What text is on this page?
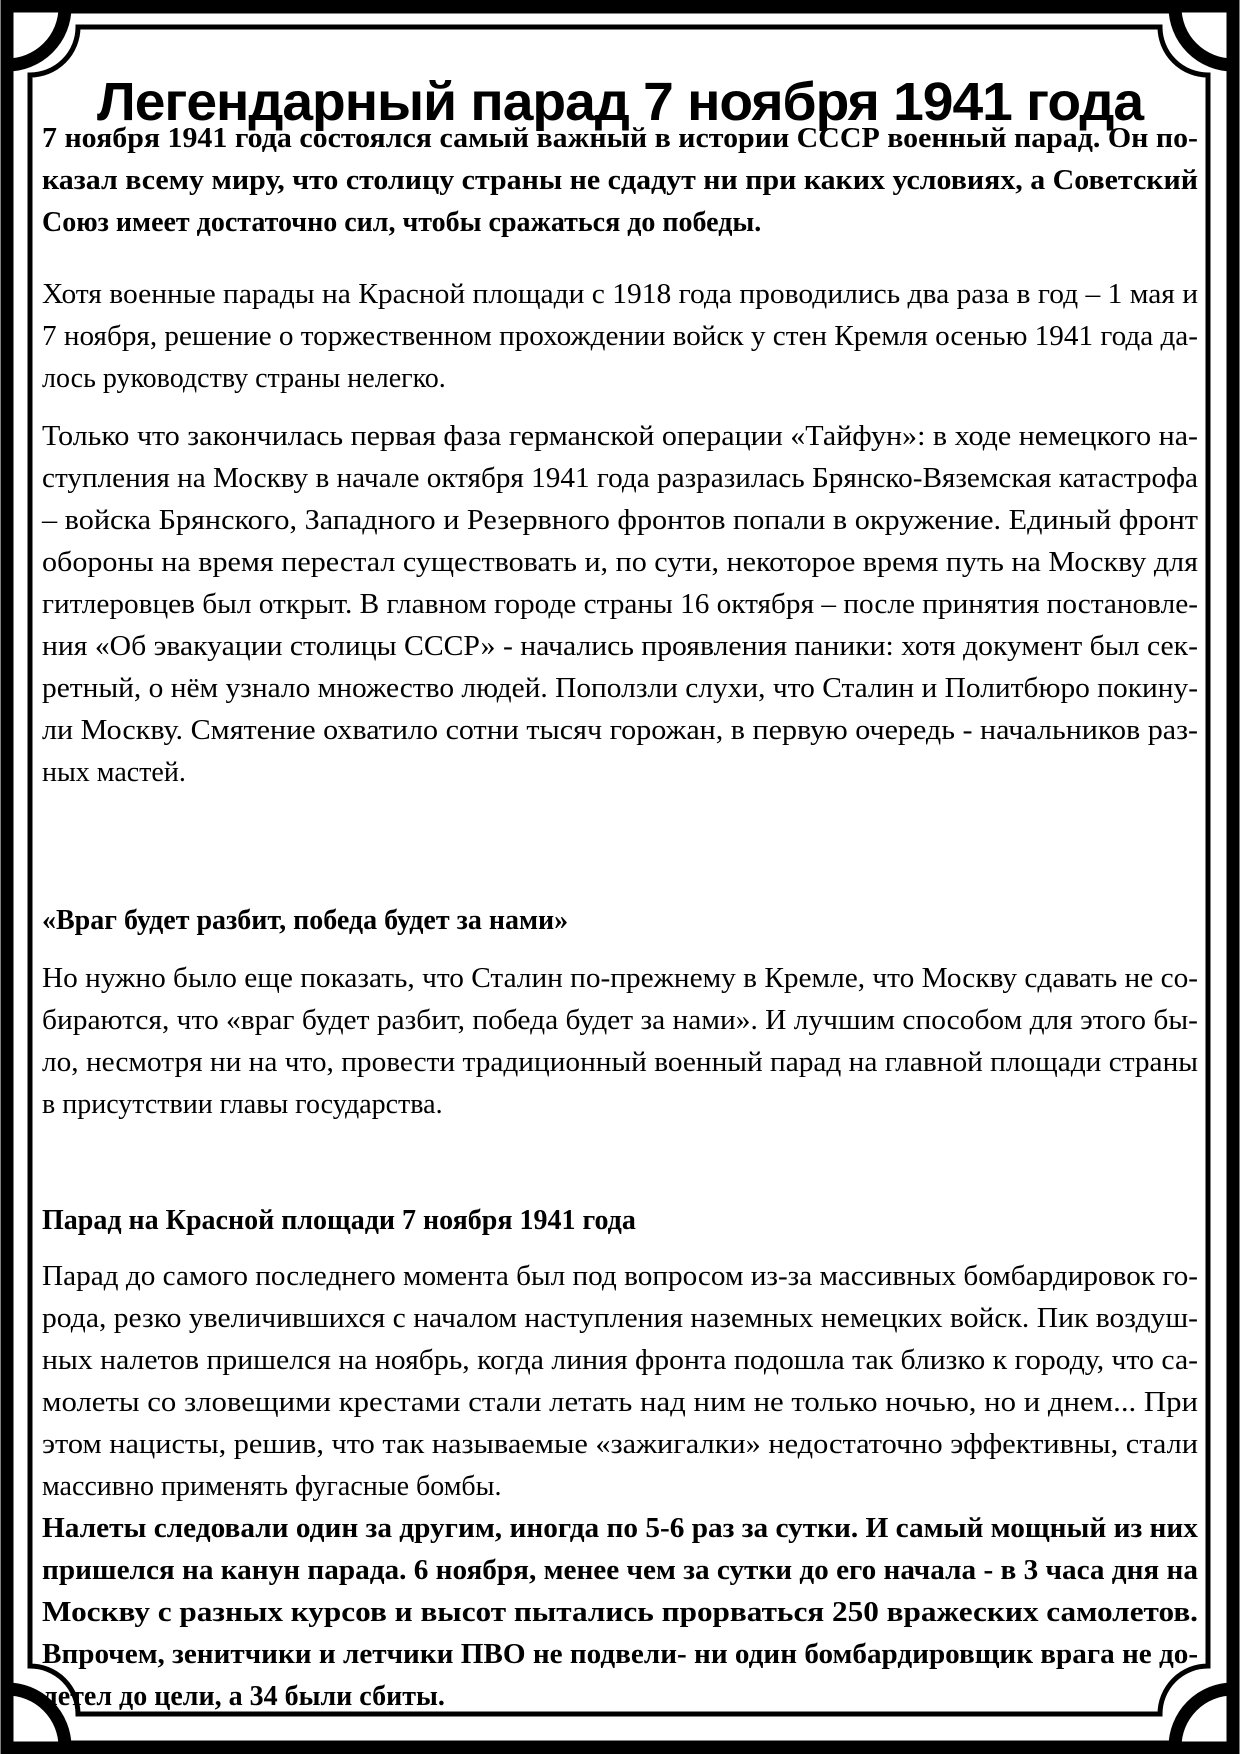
Легендарный парад 7 ноября 1941 года

7 ноября 1941 года состоялся самый важный в истории СССР военный парад. Он по-
казал всему миру, что столицу страны не сдадут ни при каких условиях, а Советский
Союз имеет достаточно сил, чтобы сражаться до победы.

Хотя военные парады на Красной площади с 1918 года проводились два раза в год – 1 мая и
7 ноября, решение о торжественном прохождении войск у стен Кремля осенью 1941 года да-
лось руководству страны нелегко.

Только что закончилась первая фаза германской операции «Тайфун»: в ходе немецкого на-
ступления на Москву в начале октября 1941 года разразилась Брянско-Вяземская катастрофа
– войска Брянского, Западного и Резервного фронтов попали в окружение. Единый фронт
обороны на время перестал существовать и, по сути, некоторое время путь на Москву для
гитлеровцев был открыт. В главном городе страны 16 октября – после принятия постановле-
ния «Об эвакуации столицы СССР» - начались проявления паники: хотя документ был сек-
ретный, о нём узнало множество людей. Поползли слухи, что Сталин и Политбюро покину-
ли Москву. Смятение охватило сотни тысяч горожан, в первую очередь - начальников раз-
ных мастей.

«Враг будет разбит, победа будет за нами»

Но нужно было еще показать, что Сталин по-прежнему в Кремле, что Москву сдавать не со-
бираются, что «враг будет разбит, победа будет за нами». И лучшим способом для этого бы-
ло, несмотря ни на что, провести традиционный военный парад на главной площади страны
в присутствии главы государства.

Парад на Красной площади 7 ноября 1941 года

Парад до самого последнего момента был под вопросом из-за массивных бомбардировок го-
рода, резко увеличившихся с началом наступления наземных немецких войск. Пик воздуш-
ных налетов пришелся на ноябрь, когда линия фронта подошла так близко к городу, что са-
молеты со зловещими крестами стали летать над ним не только ночью, но и днем... При
этом нацисты, решив, что так называемые «зажигалки» недостаточно эффективны, стали
массивно применять фугасные бомбы.

Налеты следовали один за другим, иногда по 5-6 раз за сутки. И самый мощный из них
пришелся на канун парада. 6 ноября, менее чем за сутки до его начала - в 3 часа дня на
Москву с разных курсов и высот пытались прорваться 250 вражеских самолетов.
Впрочем, зенитчики и летчики ПВО не подвели- ни один бомбардировщик врага не до-
летел до цели, а 34 были сбиты.
